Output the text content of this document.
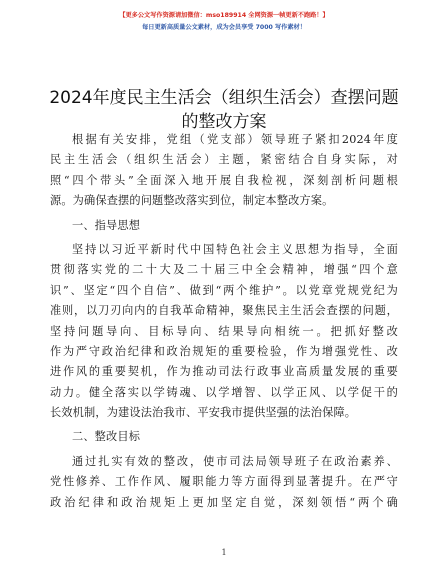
【更多公文写作资源请加微信：mso189914 全网资源一帧更新不跑路！】
每日更新高质量公文素材，成为会员享受 7000 写作素材！
2024年度民主生活会（组织生活会）查摆问题
的整改方案
根据有关安排，党组（党支部）领导班子紧扣2024年度
民主生活会（组织生活会）主题，紧密结合自身实际，对
照“四个带头”全面深入地开展自我检视，深刻剖析问题根
源。为确保查摆的问题整改落实到位，制定本整改方案。
一、指导思想
坚持以习近平新时代中国特色社会主义思想为指导，全面
贯彻落实党的二十大及二十届三中全会精神，增强“四个意
识”、坚定“四个自信”、做到“两个维护”。以党章党规党纪为
准则，以刀刃向内的自我革命精神，聚焦民主生活会查摆的问题，
坚持问题导向、目标导向、结果导向相统一。把抓好整改
作为严守政治纪律和政治规矩的重要检验，作为增强党性、改
进作风的重要契机，作为推动司法行政事业高质量发展的重要
动力。健全落实以学铸魂、以学增智、以学正风、以学促干的
长效机制，为建设法治我市、平安我市提供坚强的法治保障。
二、整改目标
通过扎实有效的整改，使市司法局领导班子在政治素养、
党性修养、工作作风、履职能力等方面得到显著提升。在严守
政治纪律和政治规矩上更加坚定自觉，深刻领悟“两个确
1
